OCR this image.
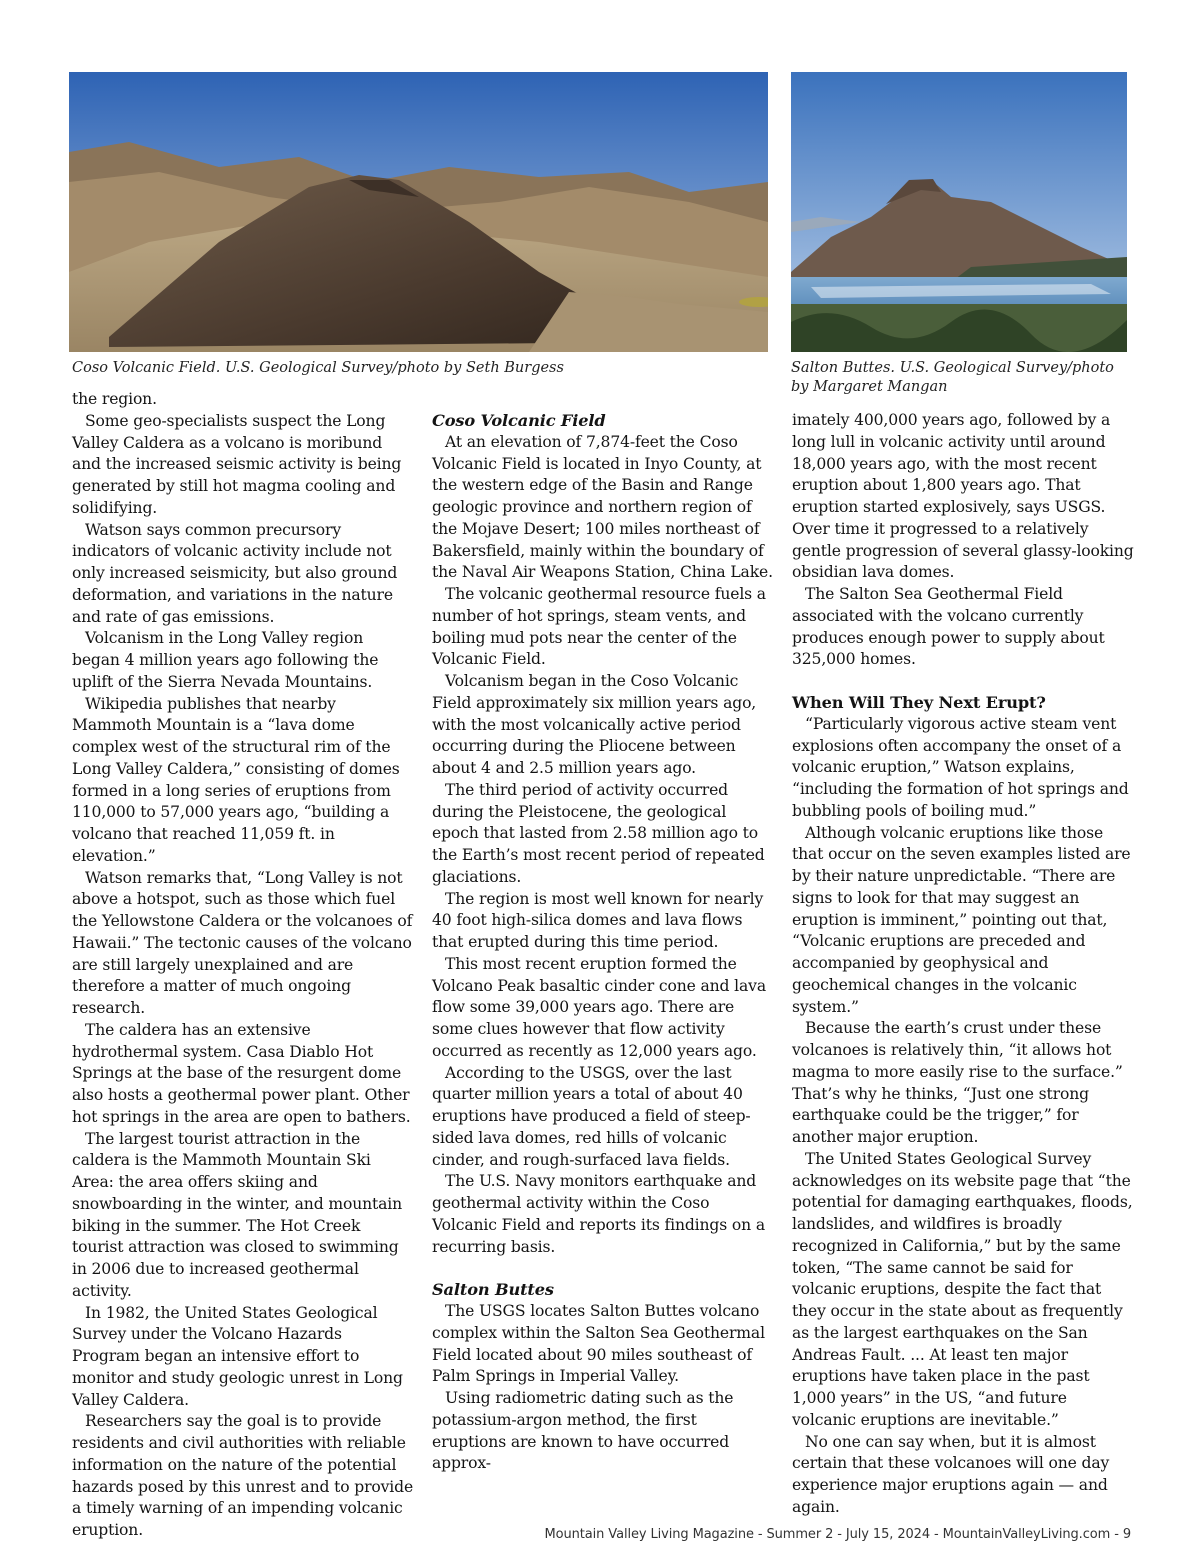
Coso Volcanic Field. U.S. Geological Survey/photo by Seth Burgess	Salton Buttes. U.S. Geological Survey/photo by Margaret Mangan

the region.

Some geo-specialists suspect the Long Valley Caldera as a volcano is moribund and the increased seismic activity is being generated by still hot magma cooling and solidifying.

Watson says common precursory indicators of volcanic activity include not only increased seismicity, but also ground deformation, and variations in the nature and rate of gas emissions.

Volcanism in the Long Valley region began 4 million years ago following the uplift of the Sierra Nevada Mountains.

Wikipedia publishes that nearby Mammoth Mountain is a “lava dome complex west of the structural rim of the Long Valley Caldera,” consisting of domes formed in a long series of eruptions from 110,000 to 57,000 years ago, “building a volcano that reached 11,059 ft. in elevation.”

Watson remarks that, “Long Valley is not above a hotspot, such as those which fuel the Yellowstone Caldera or the volcanoes of Hawaii.” The tectonic causes of the volcano are still largely unexplained and are therefore a matter of much ongoing research.

The caldera has an extensive hydrothermal system. Casa Diablo Hot Springs at the base of the resurgent dome also hosts a geothermal power plant. Other hot springs in the area are open to bathers.

The largest tourist attraction in the caldera is the Mammoth Mountain Ski Area: the area offers skiing and snowboarding in the winter, and mountain biking in the summer. The Hot Creek tourist attraction was closed to swimming in 2006 due to increased geothermal activity.

In 1982, the United States Geological Survey under the Volcano Hazards Program began an intensive effort to monitor and study geologic unrest in Long Valley Caldera.

Researchers say the goal is to provide residents and civil authorities with reliable information on the nature of the potential hazards posed by this unrest and to provide a timely warning of an impending volcanic eruption.

Coso Volcanic Field

At an elevation of 7,874-feet the Coso Volcanic Field is located in Inyo County, at the western edge of the Basin and Range geologic province and northern region of the Mojave Desert; 100 miles northeast of Bakersfield, mainly within the boundary of the Naval Air Weapons Station, China Lake.

The volcanic geothermal resource fuels a number of hot springs, steam vents, and boiling mud pots near the center of the Volcanic Field.

Volcanism began in the Coso Volcanic Field approximately six million years ago, with the most volcanically active period occurring during the Pliocene between about 4 and 2.5 million years ago.

The third period of activity occurred during the Pleistocene, the geological epoch that lasted from 2.58 million ago to the Earth’s most recent period of repeated glaciations.

The region is most well known for nearly 40 foot high-silica domes and lava flows that erupted during this time period.

This most recent eruption formed the Volcano Peak basaltic cinder cone and lava flow some 39,000 years ago. There are some clues however that flow activity occurred as recently as 12,000 years ago.

According to the USGS, over the last quarter million years a total of about 40 eruptions have produced a field of steep-sided lava domes, red hills of volcanic cinder, and rough-surfaced lava fields.

The U.S. Navy monitors earthquake and geothermal activity within the Coso Volcanic Field and reports its findings on a recurring basis.

Salton Buttes

The USGS locates Salton Buttes volcano complex within the Salton Sea Geothermal Field located about 90 miles southeast of Palm Springs in Imperial Valley.

Using radiometric dating such as the potassium-argon method, the first eruptions are known to have occurred approx-

imately 400,000 years ago, followed by a long lull in volcanic activity until around 18,000 years ago, with the most recent eruption about 1,800 years ago. That eruption started explosively, says USGS. Over time it progressed to a relatively gentle progression of several glassy-looking obsidian lava domes.

The Salton Sea Geothermal Field associated with the volcano currently produces enough power to supply about 325,000 homes.

When Will They Next Erupt?

“Particularly vigorous active steam vent explosions often accompany the onset of a volcanic eruption,” Watson explains, “including the formation of hot springs and bubbling pools of boiling mud.”

Although volcanic eruptions like those that occur on the seven examples listed are by their nature unpredictable. “There are signs to look for that may suggest an eruption is imminent,” pointing out that, “Volcanic eruptions are preceded and accompanied by geophysical and geochemical changes in the volcanic system.”

Because the earth’s crust under these volcanoes is relatively thin, “it allows hot magma to more easily rise to the surface.” That’s why he thinks, “Just one strong earthquake could be the trigger,” for another major eruption.

The United States Geological Survey acknowledges on its website page that “the potential for damaging earthquakes, floods, landslides, and wildfires is broadly recognized in California,” but by the same token, “The same cannot be said for volcanic eruptions, despite the fact that they occur in the state about as frequently as the largest earthquakes on the San Andreas Fault. ... At least ten major eruptions have taken place in the past 1,000 years” in the US, “and future volcanic eruptions are inevitable.”

No one can say when, but it is almost certain that these volcanoes will one day experience major eruptions again — and again.

Mountain Valley Living Magazine - Summer 2 - July 15, 2024 - MountainValleyLiving.com - 9
